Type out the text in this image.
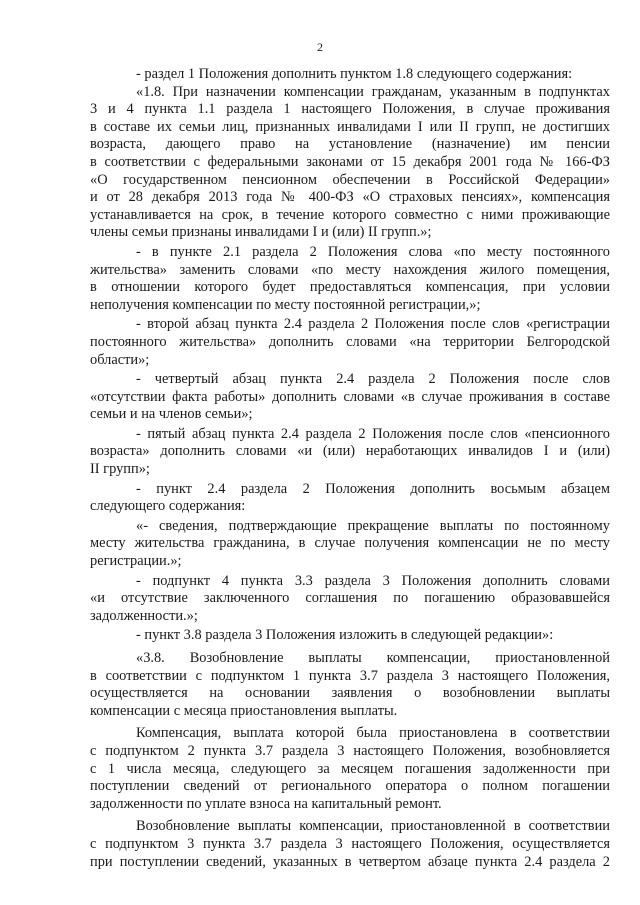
2

- раздел 1 Положения дополнить пунктом 1.8 следующего содержания:

«1.8. При назначении компенсации гражданам, указанным в подпунктах
3 и 4 пункта 1.1 раздела 1 настоящего Положения, в случае проживания
в составе их семьи лиц, признанных инвалидами I или II групп, не достигших
возраста, дающего право на установление (назначение) им пенсии
в соответствии с федеральными законами от 15 декабря 2001 года № 166-ФЗ
«О государственном пенсионном обеспечении в Российской Федерации»
и от 28 декабря 2013 года № 400-ФЗ «О страховых пенсиях», компенсация
устанавливается на срок, в течение которого совместно с ними проживающие
члены семьи признаны инвалидами I и (или) II групп.»;

- в пункте 2.1 раздела 2 Положения слова «по месту постоянного
жительства» заменить словами «по месту нахождения жилого помещения,
в отношении которого будет предоставляться компенсация, при условии
неполучения компенсации по месту постоянной регистрации,»;

- второй абзац пункта 2.4 раздела 2 Положения после слов «регистрации
постоянного жительства» дополнить словами «на территории Белгородской
области»;

- четвертый абзац пункта 2.4 раздела 2 Положения после слов
«отсутствии факта работы» дополнить словами «в случае проживания в составе
семьи и на членов семьи»;

- пятый абзац пункта 2.4 раздела 2 Положения после слов «пенсионного
возраста» дополнить словами «и (или) неработающих инвалидов I и (или)
II групп»;

- пункт 2.4 раздела 2 Положения дополнить восьмым абзацем
следующего содержания:

«- сведения, подтверждающие прекращение выплаты по постоянному
месту жительства гражданина, в случае получения компенсации не по месту
регистрации.»;

- подпункт 4 пункта 3.3 раздела 3 Положения дополнить словами
«и отсутствие заключенного соглашения по погашению образовавшейся
задолженности.»;

- пункт 3.8 раздела 3 Положения изложить в следующей редакции»:

«3.8. Возобновление выплаты компенсации, приостановленной
в соответствии с подпунктом 1 пункта 3.7 раздела 3 настоящего Положения,
осуществляется на основании заявления о возобновлении выплаты
компенсации с месяца приостановления выплаты.

Компенсация, выплата которой была приостановлена в соответствии
с подпунктом 2 пункта 3.7 раздела 3 настоящего Положения, возобновляется
с 1 числа месяца, следующего за месяцем погашения задолженности при
поступлении сведений от регионального оператора о полном погашении
задолженности по уплате взноса на капитальный ремонт.

Возобновление выплаты компенсации, приостановленной в соответствии
с подпунктом 3 пункта 3.7 раздела 3 настоящего Положения, осуществляется
при поступлении сведений, указанных в четвертом абзаце пункта 2.4 раздела 2
